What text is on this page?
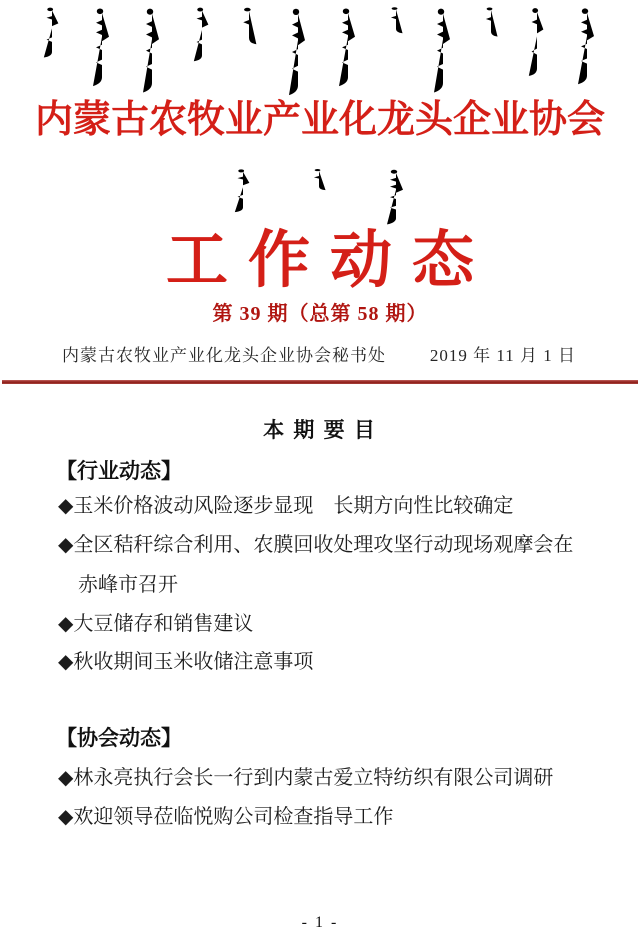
内蒙古农牧业产业化龙头企业协会
工作动态
第 39 期（总第 58 期）
内蒙古农牧业产业化龙头企业协会秘书处	2019 年 11 月 1 日
本 期 要 目
【行业动态】
◆玉米价格波动风险逐步显现　长期方向性比较确定
◆全区秸秆综合利用、农膜回收处理攻坚行动现场观摩会在赤峰市召开
◆大豆储存和销售建议
◆秋收期间玉米收储注意事项
【协会动态】
◆林永亮执行会长一行到内蒙古爱立特纺织有限公司调研
◆欢迎领导莅临悦购公司检查指导工作
- 1 -
